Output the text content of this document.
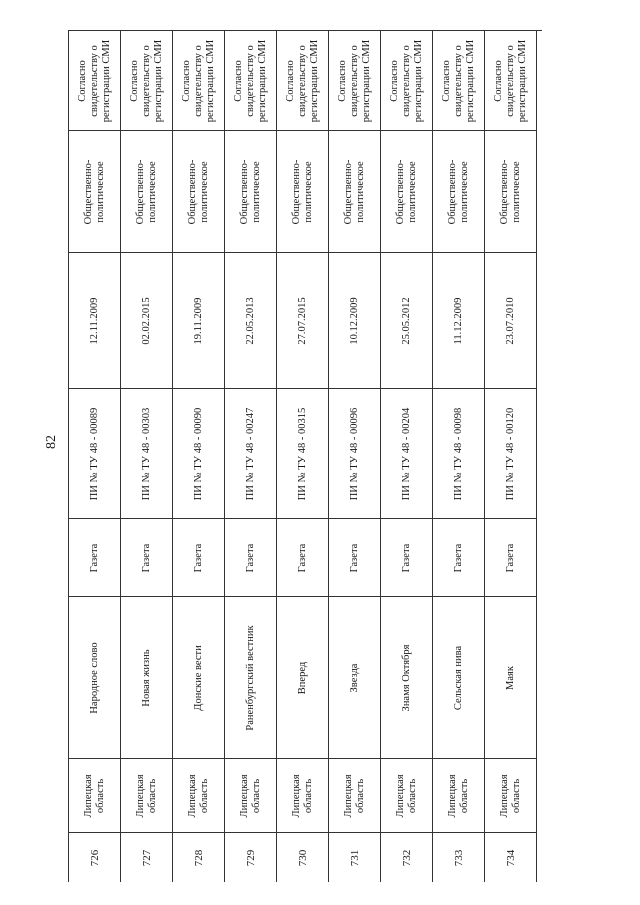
82
Согласно свидетельству о регистрации СМИ
Общественно- политическое
12.11.2009
ПИ № ТУ 48 - 00089
Газета
Народное слово
Липецкая область
726
Согласно свидетельству о регистрации СМИ
Общественно- политическое
02.02.2015
ПИ № ТУ 48 - 00303
Газета
Новая жизнь
Липецкая область
727
Согласно свидетельству о регистрации СМИ
Общественно- политическое
19.11.2009
ПИ № ТУ 48 - 00090
Газета
Донские вести
Липецкая область
728
Согласно свидетельству о регистрации СМИ
Общественно- политическое
22.05.2013
ПИ № ТУ 48 - 00247
Газета
Раненбургский вестник
Липецкая область
729
Согласно свидетельству о регистрации СМИ
Общественно- политическое
27.07.2015
ПИ № ТУ 48 - 00315
Газета
Вперед
Липецкая область
730
Согласно свидетельству о регистрации СМИ
Общественно- политическое
10.12.2009
ПИ № ТУ 48 - 00096
Газета
Звезда
Липецкая область
731
Согласно свидетельству о регистрации СМИ
Общественно- политическое
25.05.2012
ПИ № ТУ 48 - 00204
Газета
Знамя Октября
Липецкая область
732
Согласно свидетельству о регистрации СМИ
Общественно- политическое
11.12.2009
ПИ № ТУ 48 - 00098
Газета
Сельская нива
Липецкая область
733
Согласно свидетельству о регистрации СМИ
Общественно- политическое
23.07.2010
ПИ № ТУ 48 - 00120
Газета
Маяк
Липецкая область
734
